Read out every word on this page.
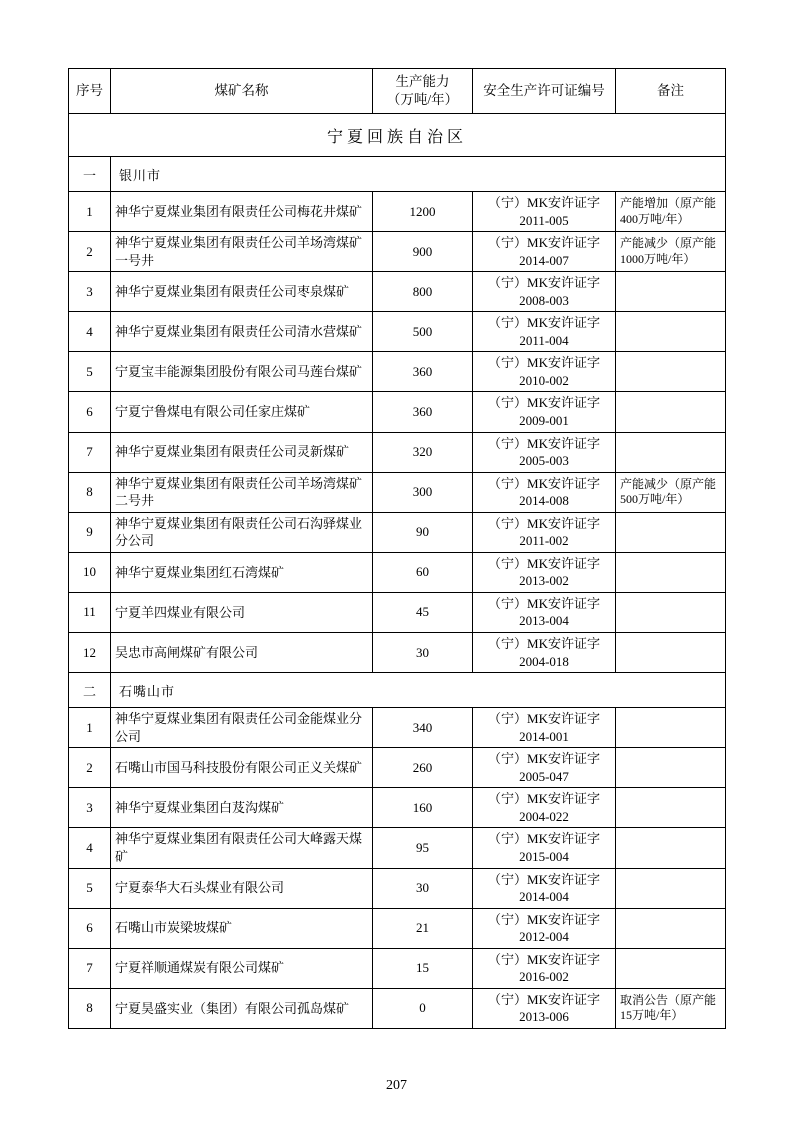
序号	煤矿名称	生产能力
（万吨/年）	安全生产许可证编号	备注
宁夏回族自治区				
一	银川市			
1	神华宁夏煤业集团有限责任公司梅花井煤矿	1200	（宁）MK安许证字
2011-005	产能增加（原产能400万吨/年）
2	神华宁夏煤业集团有限责任公司羊场湾煤矿一号井	900	（宁）MK安许证字
2014-007	产能减少（原产能1000万吨/年）
3	神华宁夏煤业集团有限责任公司枣泉煤矿	800	（宁）MK安许证字
2008-003	

4	神华宁夏煤业集团有限责任公司清水营煤矿	500	（宁）MK安许证字
2011-004	

5	宁夏宝丰能源集团股份有限公司马莲台煤矿	360	（宁）MK安许证字
2010-002	

6	宁夏宁鲁煤电有限公司任家庄煤矿	360	（宁）MK安许证字
2009-001	

7	神华宁夏煤业集团有限责任公司灵新煤矿	320	（宁）MK安许证字
2005-003	

8	神华宁夏煤业集团有限责任公司羊场湾煤矿二号井	300	（宁）MK安许证字
2014-008	产能减少（原产能500万吨/年）
9	神华宁夏煤业集团有限责任公司石沟驿煤业分公司	90	（宁）MK安许证字
2011-002	

10	神华宁夏煤业集团红石湾煤矿	60	（宁）MK安许证字
2013-002	

11	宁夏羊四煤业有限公司	45	（宁）MK安许证字
2013-004	

12	吴忠市高闸煤矿有限公司	30	（宁）MK安许证字
2004-018	

二	石嘴山市			
1	神华宁夏煤业集团有限责任公司金能煤业分公司	340	（宁）MK安许证字
2014-001	

2	石嘴山市国马科技股份有限公司正义关煤矿	260	（宁）MK安许证字
2005-047	

3	神华宁夏煤业集团白芨沟煤矿	160	（宁）MK安许证字
2004-022	

4	神华宁夏煤业集团有限责任公司大峰露天煤矿	95	（宁）MK安许证字
2015-004	

5	宁夏泰华大石头煤业有限公司	30	（宁）MK安许证字
2014-004	

6	石嘴山市炭梁坡煤矿	21	（宁）MK安许证字
2012-004	

7	宁夏祥顺通煤炭有限公司煤矿	15	（宁）MK安许证字
2016-002	

8	宁夏昊盛实业（集团）有限公司孤岛煤矿	0	（宁）MK安许证字
2013-006	取消公告（原产能15万吨/年）
207
